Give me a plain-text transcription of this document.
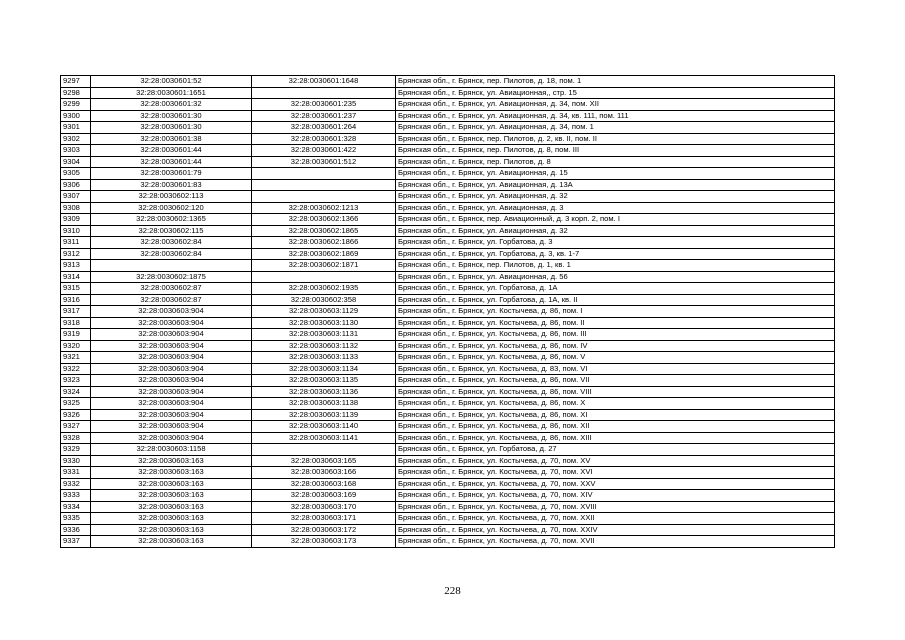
9297	32:28:0030601:52	32:28:0030601:1648	Брянская обл., г. Брянск, пер. Пилотов, д. 18, пом. 1
9298	32:28:0030601:1651		Брянская обл., г. Брянск, ул. Авиационная,, стр. 15
9299	32:28:0030601:32	32:28:0030601:235	Брянская обл., г. Брянск, ул. Авиационная, д. 34, пом. XII
9300	32:28:0030601:30	32:28:0030601:237	Брянская обл., г. Брянск, ул. Авиационная, д. 34, кв. 111, пом. 111
9301	32:28:0030601:30	32:28:0030601:264	Брянская обл., г. Брянск, ул. Авиационная, д. 34, пом. 1
9302	32:28:0030601:38	32:28:0030601:328	Брянская обл., г. Брянск, пер. Пилотов, д. 2, кв. II, пом. II
9303	32:28:0030601:44	32:28:0030601:422	Брянская обл., г. Брянск, пер. Пилотов, д. 8, пом. III
9304	32:28:0030601:44	32:28:0030601:512	Брянская обл., г. Брянск, пер. Пилотов, д. 8
9305	32:28:0030601:79		Брянская обл., г. Брянск, ул. Авиационная, д. 15
9306	32:28:0030601:83		Брянская обл., г. Брянск, ул. Авиационная, д. 13А
9307	32:28:0030602:113		Брянская обл., г. Брянск, ул. Авиационная, д. 32
9308	32:28:0030602:120	32:28:0030602:1213	Брянская обл., г. Брянск, ул. Авиационная, д. 3
9309	32:28:0030602:1365	32:28:0030602:1366	Брянская обл., г. Брянск, пер. Авиационный, д. 3 корп. 2, пом. I
9310	32:28:0030602:115	32:28:0030602:1865	Брянская обл., г. Брянск, ул. Авиационная, д. 32
9311	32:28:0030602:84	32:28:0030602:1866	Брянская обл., г. Брянск, ул. Горбатова, д. 3
9312	32:28:0030602:84	32:28:0030602:1869	Брянская обл., г. Брянск, ул. Горбатова, д. 3, кв. 1-7
9313		32:28:0030602:1871	Брянская обл., г. Брянск, пер. Пилотов, д. 1, кв. 1
9314	32:28:0030602:1875		Брянская обл., г. Брянск, ул. Авиационная, д. 56
9315	32:28:0030602:87	32:28:0030602:1935	Брянская обл., г. Брянск, ул. Горбатова, д. 1А
9316	32:28:0030602:87	32:28:0030602:358	Брянская обл., г. Брянск, ул. Горбатова, д. 1А, кв. II
9317	32:28:0030603:904	32:28:0030603:1129	Брянская обл., г. Брянск, ул. Костычева, д. 86, пом. I
9318	32:28:0030603:904	32:28:0030603:1130	Брянская обл., г. Брянск, ул. Костычева, д. 86, пом. II
9319	32:28:0030603:904	32:28:0030603:1131	Брянская обл., г. Брянск, ул. Костычева, д. 86, пом. III
9320	32:28:0030603:904	32:28:0030603:1132	Брянская обл., г. Брянск, ул. Костычева, д. 86, пом. IV
9321	32:28:0030603:904	32:28:0030603:1133	Брянская обл., г. Брянск, ул. Костычева, д. 86, пом. V
9322	32:28:0030603:904	32:28:0030603:1134	Брянская обл., г. Брянск, ул. Костычева, д. 83, пом. VI
9323	32:28:0030603:904	32:28:0030603:1135	Брянская обл., г. Брянск, ул. Костычева, д. 86, пом. VII
9324	32:28:0030603:904	32:28:0030603:1136	Брянская обл., г. Брянск, ул. Костычева, д. 86, пом. VIII
9325	32:28:0030603:904	32:28:0030603:1138	Брянская обл., г. Брянск, ул. Костычева, д. 86, пом. X
9326	32:28:0030603:904	32:28:0030603:1139	Брянская обл., г. Брянск, ул. Костычева, д. 86, пом. XI
9327	32:28:0030603:904	32:28:0030603:1140	Брянская обл., г. Брянск, ул. Костычева, д. 86, пом. XII
9328	32:28:0030603:904	32:28:0030603:1141	Брянская обл., г. Брянск, ул. Костычева, д. 86, пом. XIII
9329	32:28:0030603:1158		Брянская обл., г. Брянск, ул. Горбатова, д. 27
9330	32:28:0030603:163	32:28:0030603:165	Брянская обл., г. Брянск, ул. Костычева, д. 70, пом. XV
9331	32:28:0030603:163	32:28:0030603:166	Брянская обл., г. Брянск, ул. Костычева, д. 70, пом. XVI
9332	32:28:0030603:163	32:28:0030603:168	Брянская обл., г. Брянск, ул. Костычева, д. 70, пом. XXV
9333	32:28:0030603:163	32:28:0030603:169	Брянская обл., г. Брянск, ул. Костычева, д. 70, пом. XIV
9334	32:28:0030603:163	32:28:0030603:170	Брянская обл., г. Брянск, ул. Костычева, д. 70, пом. XVIII
9335	32:28:0030603:163	32:28:0030603:171	Брянская обл., г. Брянск, ул. Костычева, д. 70, пом. XXII
9336	32:28:0030603:163	32:28:0030603:172	Брянская обл., г. Брянск, ул. Костычева, д. 70, пом. XXIV
9337	32:28:0030603:163	32:28:0030603:173	Брянская обл., г. Брянск, ул. Костычева, д. 70, пом. XVII
228
